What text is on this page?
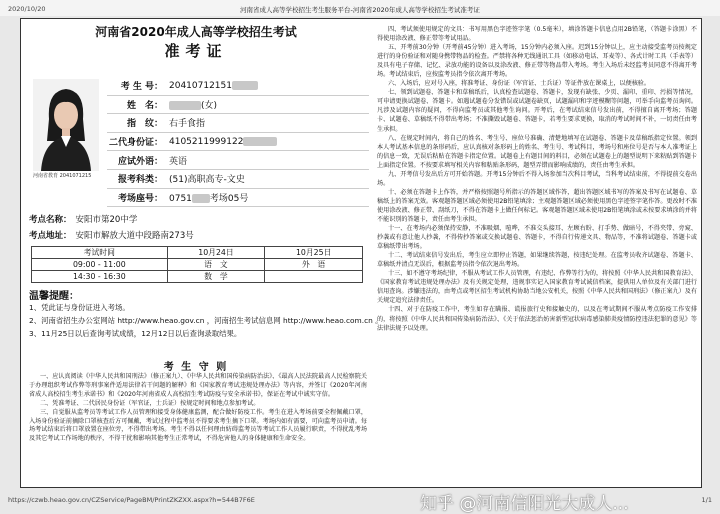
2020/10/20	河南省成人高等学校招生考生服务平台-河南省2020年成人高等学校招生考试准考证
河南省2020年成人高等学校招生考试
准考证
河南省教育 2041071215
考 生 号： 20410712151
姓　名：	(女)
指　纹： 右手食指
二代身份证： 4105211999122
应试外语： 英语
报考科类： (51)高职高专-文史
考场座号： 0751 考场05号
考点名称： 安阳市第20中学
考点地址： 安阳市解放大道中段路南273号
考试时间	10月24日	10月25日
09:00 - 11:00	语　文	外　语
14:30 - 16:30	数　学	
温馨提醒：
1、凭此证与身份证进入考场。
2、河南省招生办公室网站 http://www.heao.gov.cn ，河南招生考试信息网 http://www.heao.com.cn 。
3、11月25日以后查询考试成绩，12月12日以后查询录取结果。
考 生 守 则

一、应认真阅读《中华人民共和国刑法》（修正案九）、《中华人民共和国传染病防治法》、《最高人民法院最高人民检察院关于办理组织考试作弊等刑事案件适用法律若干问题的解释》和《国家教育考试违规处理办法》等内容，并签订《2020年河南省成人高校招生考生承诺书》和《2020年河南省成人高校招生考试防疫与安全承诺书》，保证在考试中诚实守信。

二、凭准考证、二代居民身份证（军官证，士兵证）按规定时间和地点参加考试。

三、自觉服从监考员等考试工作人员管理和接受身体健康监测，配合做好防疫工作。考生在进入考场前要全程佩戴口罩，入场身份验证前摘除口罩核查后方可佩戴，考试过程中监考员不得要求考生摘下口罩。考场内如有需要，可向监考员申请。每场考试结束后将口罩放置在座位旁，不得带出考场。考生不得以任何理由妨碍监考员等考试工作人员履行职责，不得扰乱考场及其它考试工作场地的秩序，不得干扰和影响其他考生正常考试，不得危害他人的身体健康和生命安全。

四、考试须使用规定的文具：书写用黑色字迹签字笔（0.5毫米），填涂答题卡信息点用2B铅笔，（答题卡涂黑）不得使用涂改液、修正带等考试用品。

五、开考前30分钟（开考前45分钟）进入考场，15分钟内必须入座。迟到15分钟以上，应主动接受监考员按规定进行的身份验证和对随身携带物品的检查。严禁将各种无线通讯工具（如移动电话、耳麦等）、各式计时工具（手表等）及具有电子存储、记忆、录放功能的设备以及涂改液、修正带等物品带入考场。考生入场后未经监考员同意不得离开考场。考试结束后，应按监考员指令依次离开考场。

六、入场后，应对号入座，将准考证、身份证（军官证、士兵证）等证件放在课桌上，以便核验。

七、领到试题卷、答题卡和草稿纸后，认真检查试题卷、答题卡，发现有缺张、少页、漏印、重印、污损等情况，可申请更换试题卷、答题卡。如遇试题卷分发错误或试题卷缺页，试题漏印和字迹模糊等问题，可举手向监考员询问。凡涉及试题内容的疑问，不得向监考员或其他考生询问。开考后，在考试结束信号发出前，不得擅自离开考场；答题卡、试题卷、草稿纸不得带出考场；不准撕毁试题卷、答题卡，若考生要求更换，取消的考试时间不补，一切责任由考生承担。

八、在规定时间内，将自己的姓名、考生号、座位号准确、清楚地填写在试题卷、答题卡及草稿纸指定位置。领到本人考试基本信息的条形码后，应认真核对条形码上的姓名、考生号、考试科目，考场号和座位号是否与本人准考证上的信息一致，无误后粘贴在答题卡指定位置。试题卷上有题目间的料目，必须在试题卷上的题型说明下来粘贴到答题卡上面指定位置。不按要求填写相关内容和粘贴条形码，题型弄错而影响成绩的，责任由考生承担。

九、开考信号发出后方可开始答题。开考15分钟后不得入场参加当次科目考试，当科考试结束前，不得提前交卷出场。

十、必须在答题卡上作答，并严格按照题号所指示的答题区域作答，超出答题区域书写的答案及书写在试题卷、草稿纸上的答案无效。客观题答题区域必须使用2B铅笔填涂；主观题答题区域必须使用黑色字迹签字笔作答。更改时不准使用涂改液、修正带、刮纸刀，不得在答题卡上做任何标记。客观题答题区域未使用2B铅笔填涂或未按要求填涂的并将不能识别的答题卡，责任由考生承担。

十一、在考场内必须保持安静，不准吸烟、喧哗，不准交头接耳、左顾右盼、打手势、做暗号，不得夹带、旁窥、抄袭或有意让他人抄袭，不得传抄答案或交换试题卷、答题卡，不得自行传递文具、物品等，不准将试题卷、答题卡或草稿纸带出考场。

十二、考试结束信号发出后，考生应立即停止答题，如果继续答题，按违纪处理。在监考员收齐试题卷、答题卡、草稿纸并清点无误后，根据监考员指令依次退出考场。

十三、如不遵守考场纪律，不服从考试工作人员管理，有违纪、作弊等行为的，将按照《中华人民共和国教育法》、《国家教育考试违规处理办法》及有关规定处理，违规事实记入国家教育考试诚信档案，提供用人单位及有关部门进行信用查询。涉嫌违法的，由考点或考区招生考试机构协助当地公安机关，按照《中华人民共和国刑法》（修正案九）及有关规定追究法律责任。

十四、对于在防疫工作中，考生如存在瞒报、谎报旅行史和接触史的，以及在考试期间不服从考点防疫工作安排的，将按照《中华人民共和国传染病防治法》、《关于依法惩治妨害新型冠状病毒感染肺炎疫情防控违法犯罪的意见》等法律法规予以处理。

https://czwb.heao.gov.cn/CZService/PageBM/PrintZKZXX.aspx?h=544B7F6E	知乎 @河南信阳光大成人...	1/1
